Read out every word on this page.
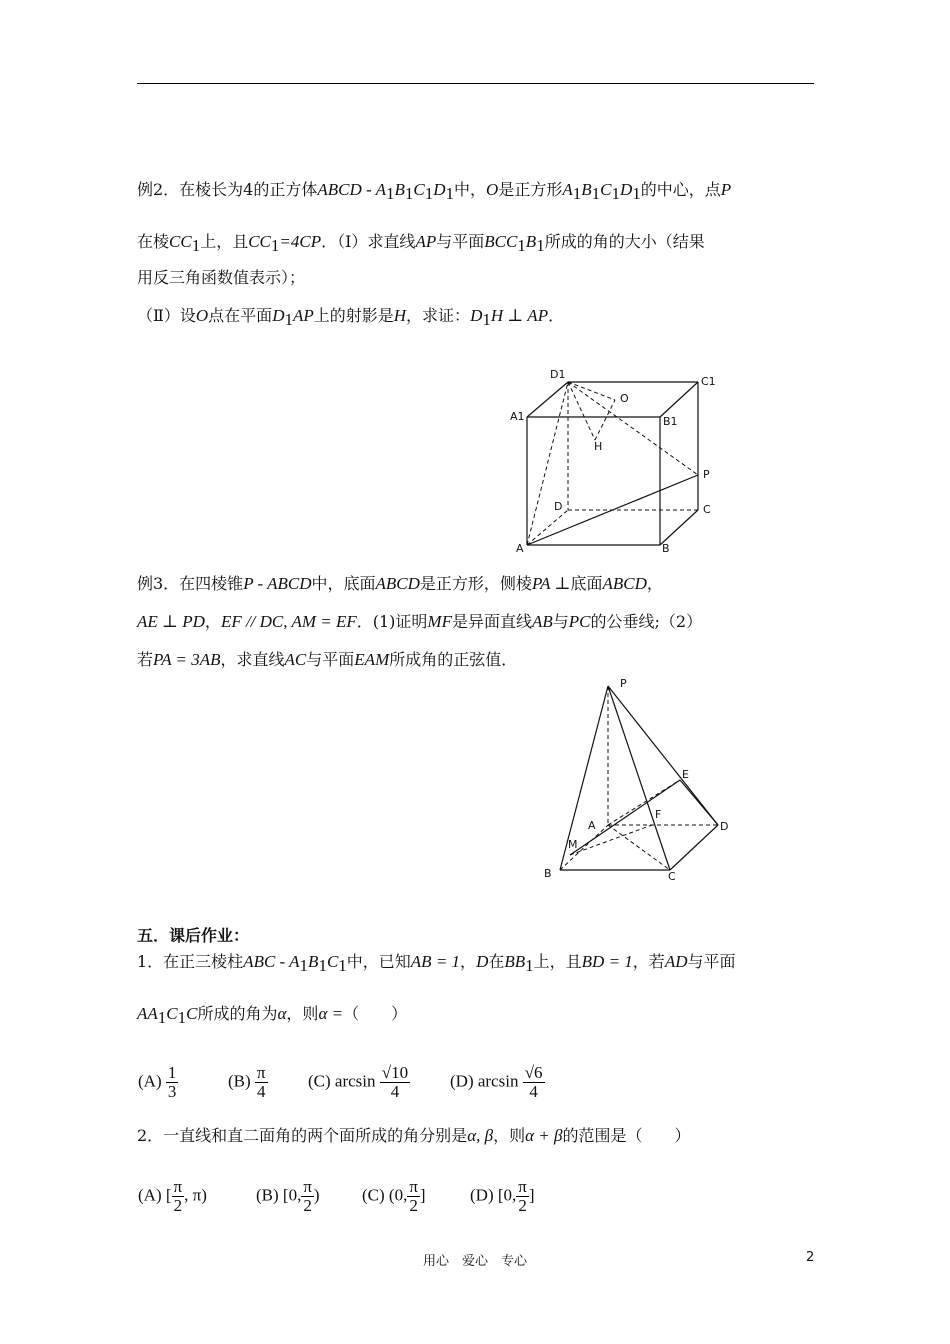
例2．在棱长为4的正方体ABCD - $A_1B_1C_1D_1$中，O是正方形$A_1B_1C_1D_1$的中心，点P
在棱$CC_1$上，且$CC_1=4CP$．（Ⅰ）求直线AP与平面$BCC_1B_1$所成的角的大小（结果
用反三角函数值表示）；
（Ⅱ）设O点在平面$D_1AP$上的射影是H，求证：$D_1H$ ⊥ AP．
D1
C1
A1	B1
O
H
P
D	C
A	B
例3．在四棱锥P - ABCD中，底面ABCD是正方形，侧棱PA ⊥底面ABCD，
AE ⊥ PD，EF // DC, AM = EF．(1)证明MF是异面直线AB与PC的公垂线;（2）
若PA = 3AB，求直线AC与平面EAM所成角的正弦值．
P
E
F
A	D
M
B	C
五．课后作业：
1．在正三棱柱ABC - $A_1B_1C_1$中，已知AB = 1，D在$BB_1$上，且BD = 1，若AD与平面
$AA_1C_1C$所成的角为α，则α =（　　）
$(A) \frac{1}{3}$	$(B) \frac{\pi}{4} (C)$ $\arcsin \frac{√10}{4} (D)$ $\arcsin \frac{√6}{4}$
2．一直线和直二面角的两个面所成的角分别是α, β，则α + β的范围是（　　）
(A) [ $\frac{\pi}{2}$ , π)	(B) [0, $\frac{\pi}{2}$ ) (C) (0, $\frac{\pi}{2}$ ]	(D) [0, $\frac{\pi}{2}$ ]
用心　爱心　专心	2
